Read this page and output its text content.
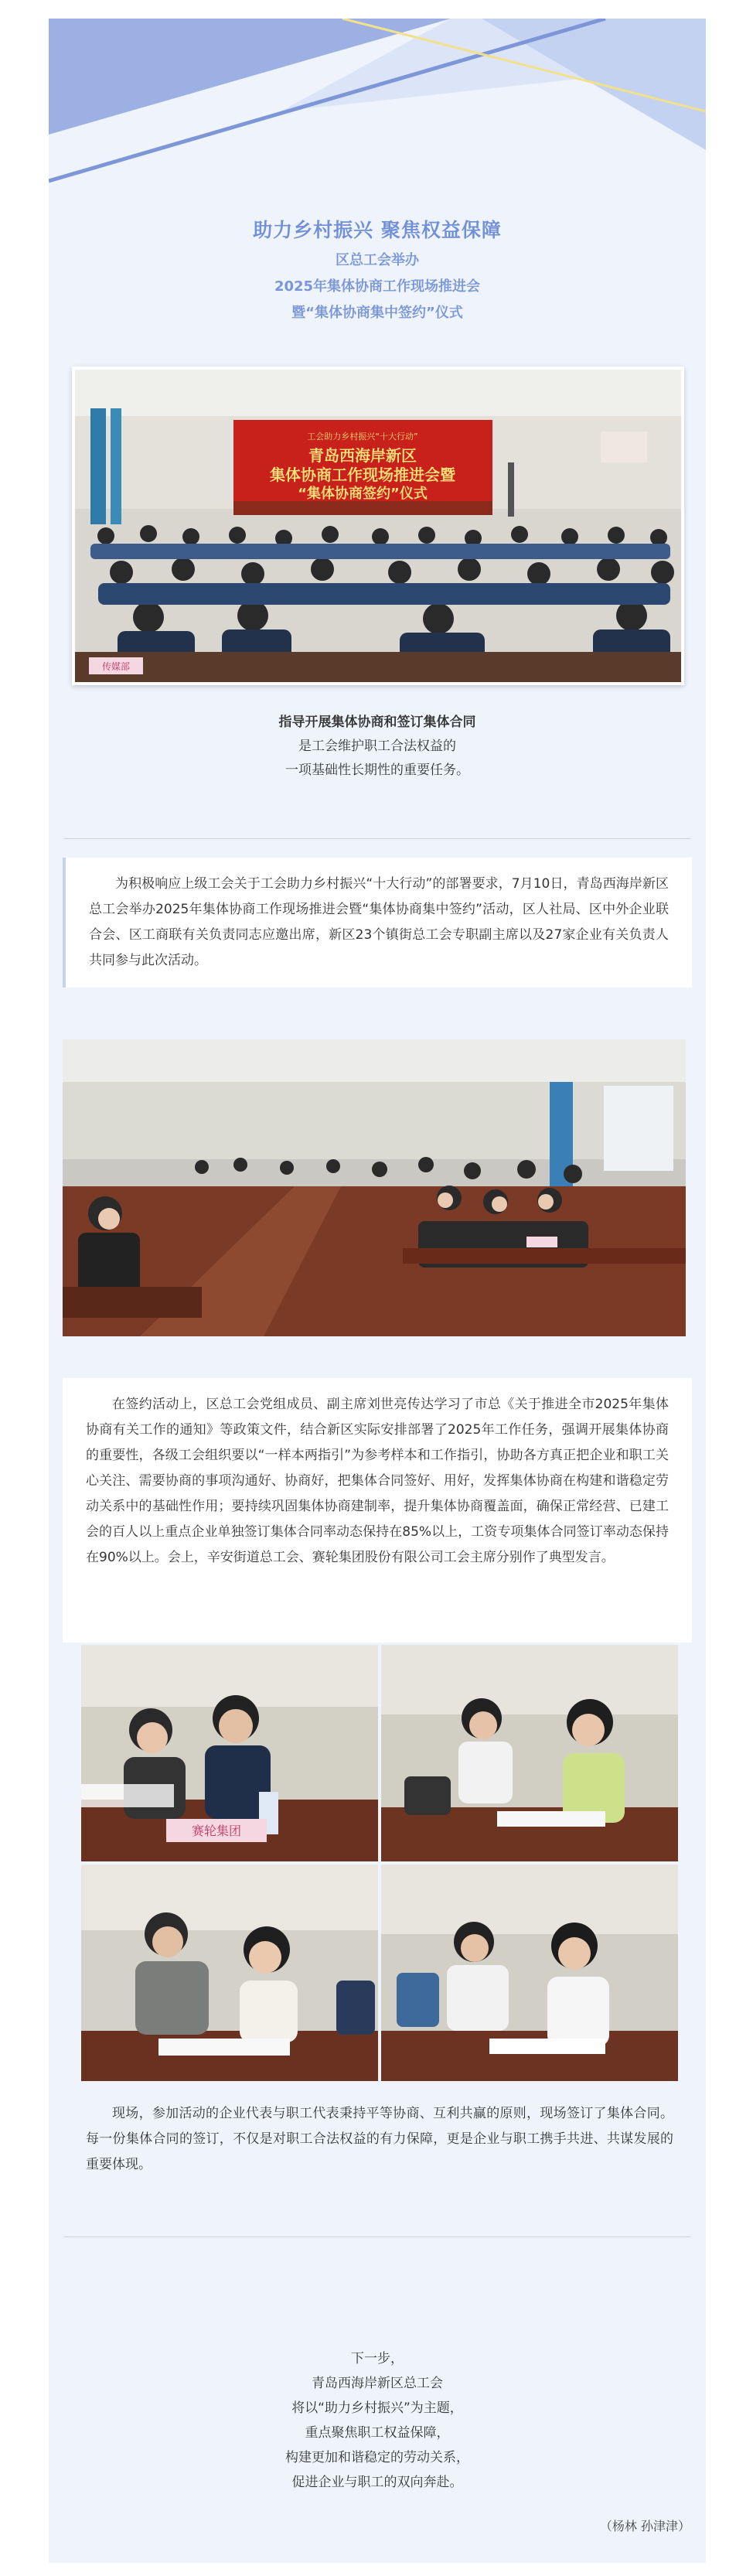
助力乡村振兴 聚焦权益保障
区总工会举办
2025年集体协商工作现场推进会
暨“集体协商集中签约”仪式
工会助力乡村振兴“十大行动”
青岛西海岸新区
集体协商工作现场推进会暨
“集体协商签约”仪式
传媒部
指导开展集体协商和签订集体合同
是工会维护职工合法权益的
一项基础性长期性的重要任务。
为积极响应上级工会关于工会助力乡村振兴“十大行动”的部署要求，7月10日，青岛西海岸新区总工会举办2025年集体协商工作现场推进会暨“集体协商集中签约”活动，区人社局、区中外企业联合会、区工商联有关负责同志应邀出席，新区23个镇街总工会专职副主席以及27家企业有关负责人共同参与此次活动。
在签约活动上，区总工会党组成员、副主席刘世亮传达学习了市总《关于推进全市2025年集体协商有关工作的通知》等政策文件，结合新区实际安排部署了2025年工作任务，强调开展集体协商的重要性，各级工会组织要以“一样本两指引”为参考样本和工作指引，协助各方真正把企业和职工关心关注、需要协商的事项沟通好、协商好，把集体合同签好、用好，发挥集体协商在构建和谐稳定劳动关系中的基础性作用；要持续巩固集体协商建制率，提升集体协商覆盖面，确保正常经营、已建工会的百人以上重点企业单独签订集体合同率动态保持在85%以上，工资专项集体合同签订率动态保持在90%以上。会上，辛安街道总工会、赛轮集团股份有限公司工会主席分别作了典型发言。
赛轮集团
现场，参加活动的企业代表与职工代表秉持平等协商、互利共赢的原则，现场签订了集体合同。每一份集体合同的签订，不仅是对职工合法权益的有力保障，更是企业与职工携手共进、共谋发展的重要体现。
下一步，
青岛西海岸新区总工会
将以“助力乡村振兴”为主题，
重点聚焦职工权益保障，
构建更加和谐稳定的劳动关系，
促进企业与职工的双向奔赴。
（杨林 孙津津）
